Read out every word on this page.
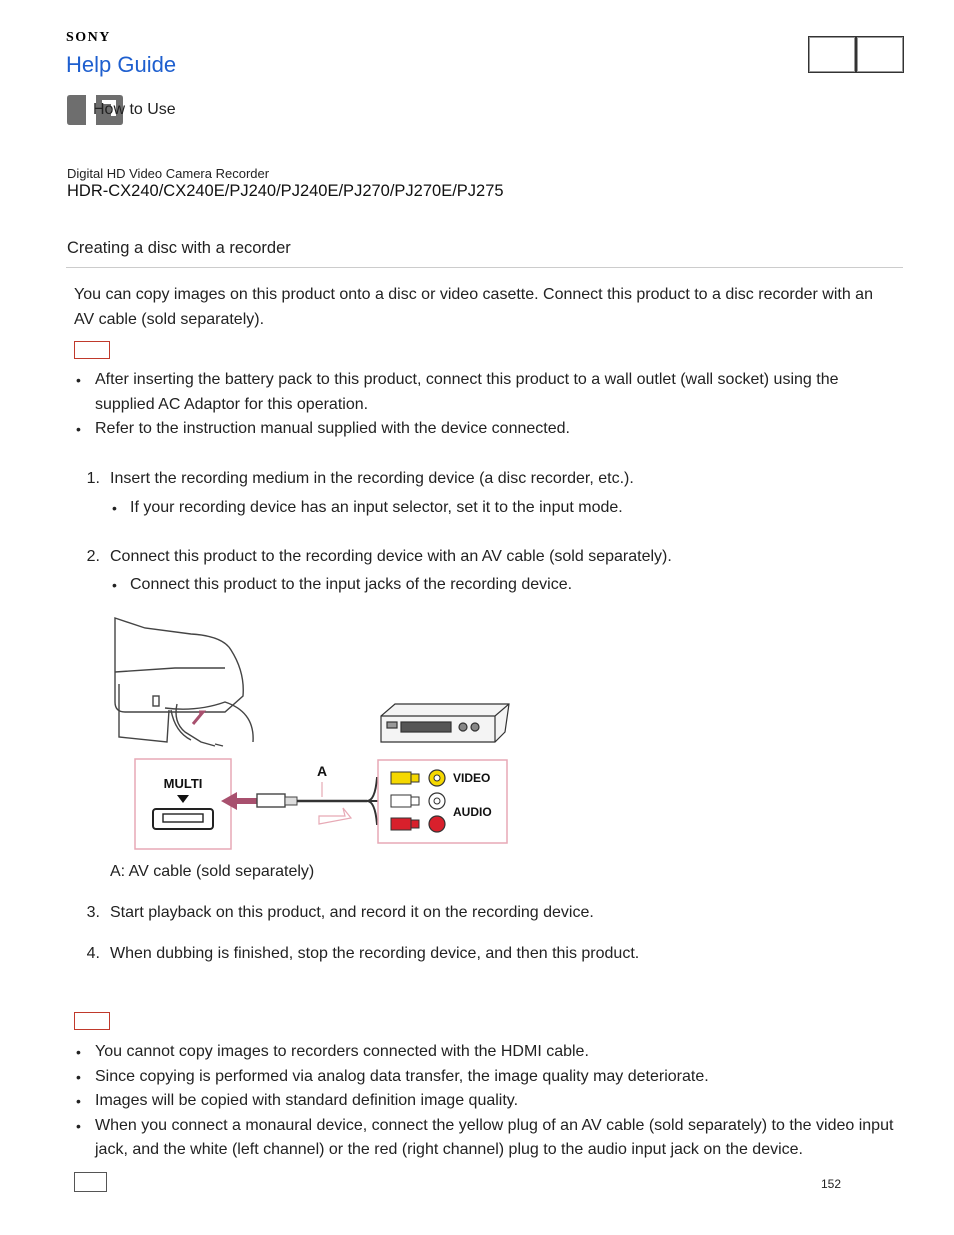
SONY
Help Guide
How to Use
Digital HD Video Camera Recorder
HDR-CX240/CX240E/PJ240/PJ240E/PJ270/PJ270E/PJ275
Creating a disc with a recorder
You can copy images on this product onto a disc or video casette. Connect this product to a disc recorder with an AV cable (sold separately).
• After inserting the battery pack to this product, connect this product to a wall outlet (wall socket) using the supplied AC Adaptor for this operation.
• Refer to the instruction manual supplied with the device connected.
1. Insert the recording medium in the recording device (a disc recorder, etc.).
• If your recording device has an input selector, set it to the input mode.
2. Connect this product to the recording device with an AV cable (sold separately).
• Connect this product to the input jacks of the recording device.
MULTI
A	VIDEO
AUDIO
A: AV cable (sold separately)
3. Start playback on this product, and record it on the recording device.
4. When dubbing is finished, stop the recording device, and then this product.
• You cannot copy images to recorders connected with the HDMI cable.
• Since copying is performed via analog data transfer, the image quality may deteriorate.
• Images will be copied with standard definition image quality.
• When you connect a monaural device, connect the yellow plug of an AV cable (sold separately) to the video input jack, and the white (left channel) or the red (right channel) plug to the audio input jack on the device.
152
